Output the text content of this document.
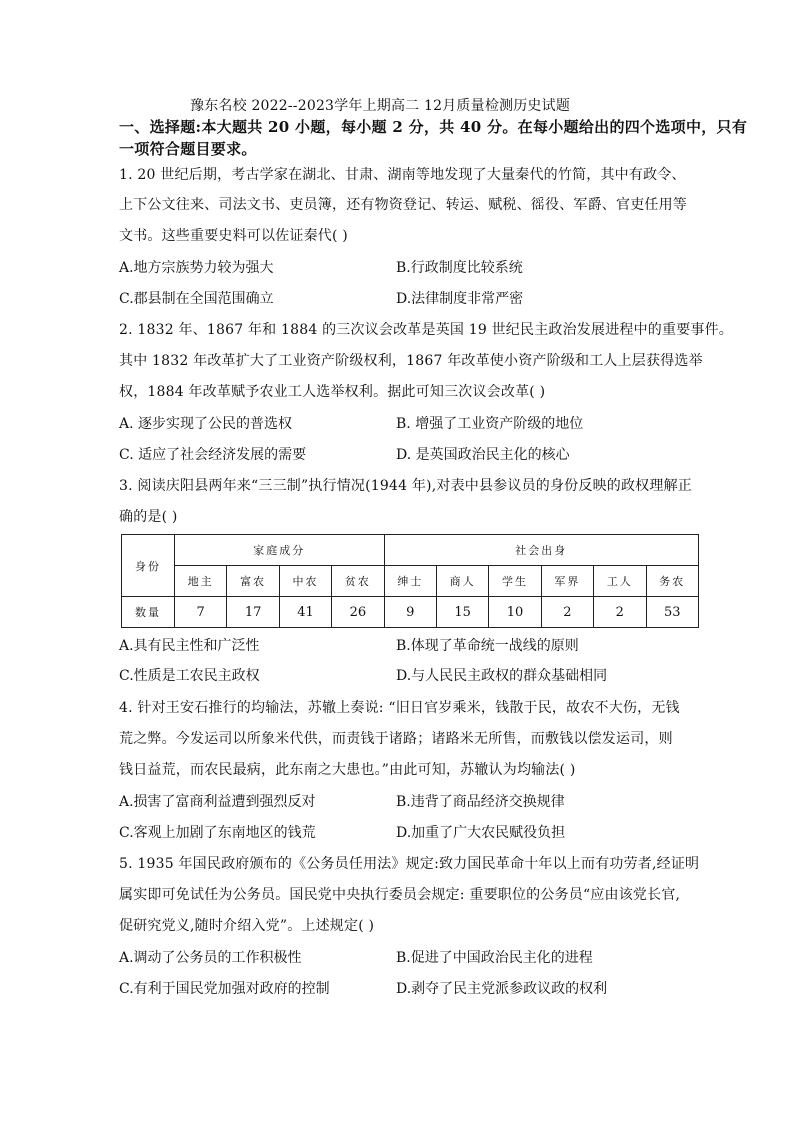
豫东名校 2022--2023学年上期高二 12月质量检测历史试题
一、选择题:本大题共 20 小题，每小题 2 分，共 40 分。在每小题给出的四个选项中，只有
一项符合题目要求。
1. 20 世纪后期，考古学家在湖北、甘肃、湖南等地发现了大量秦代的竹简，其中有政令、
上下公文往来、司法文书、吏员簿，还有物资登记、转运、赋税、徭役、军爵、官吏任用等
文书。这些重要史料可以佐证秦代( )
A.地方宗族势力较为强大	B.行政制度比较系统
C.郡县制在全国范围确立	D.法律制度非常严密
2. 1832 年、1867 年和 1884 的三次议会改革是英国 19 世纪民主政治发展进程中的重要事件。
其中 1832 年改革扩大了工业资产阶级权利，1867 年改革使小资产阶级和工人上层获得选举
权，1884 年改革赋予农业工人选举权利。据此可知三次议会改革( )
A. 逐步实现了公民的普选权	B. 增强了工业资产阶级的地位
C. 适应了社会经济发展的需要	D. 是英国政治民主化的核心
3. 阅读庆阳县两年来“三三制”执行情况(1944 年),对表中县参议员的身份反映的政权理解正
确的是( )
身份	家庭成分				社会出身					
	地主	富农	中农	贫农	绅士	商人	学生	军界	工人	务农
数量	7	17	41	26	9	15	10	2	2	53
A.具有民主性和广泛性	B.体现了革命统一战线的原则
C.性质是工农民主政权	D.与人民民主政权的群众基础相同
4. 针对王安石推行的均输法，苏辙上奏说: “旧日官岁乘米，钱散于民，故农不大伤，无钱
荒之弊。今发运司以所象米代供，而责钱于诸路；诸路米无所售，而敷钱以偿发运司，则
钱日益荒，而农民最病，此东南之大患也。”由此可知，苏辙认为均输法( )
A.损害了富商利益遭到强烈反对	B.违背了商品经济交换规律
C.客观上加剧了东南地区的钱荒	D.加重了广大农民赋役负担
5. 1935 年国民政府颁布的《公务员任用法》规定:致力国民革命十年以上而有功劳者,经证明
属实即可免试任为公务员。国民党中央执行委员会规定: 重要职位的公务员“应由该党长官,
促研究党义,随时介绍入党”。上述规定( )
A.调动了公务员的工作积极性	B.促进了中国政治民主化的进程
C.有利于国民党加强对政府的控制	D.剥夺了民主党派参政议政的权利
